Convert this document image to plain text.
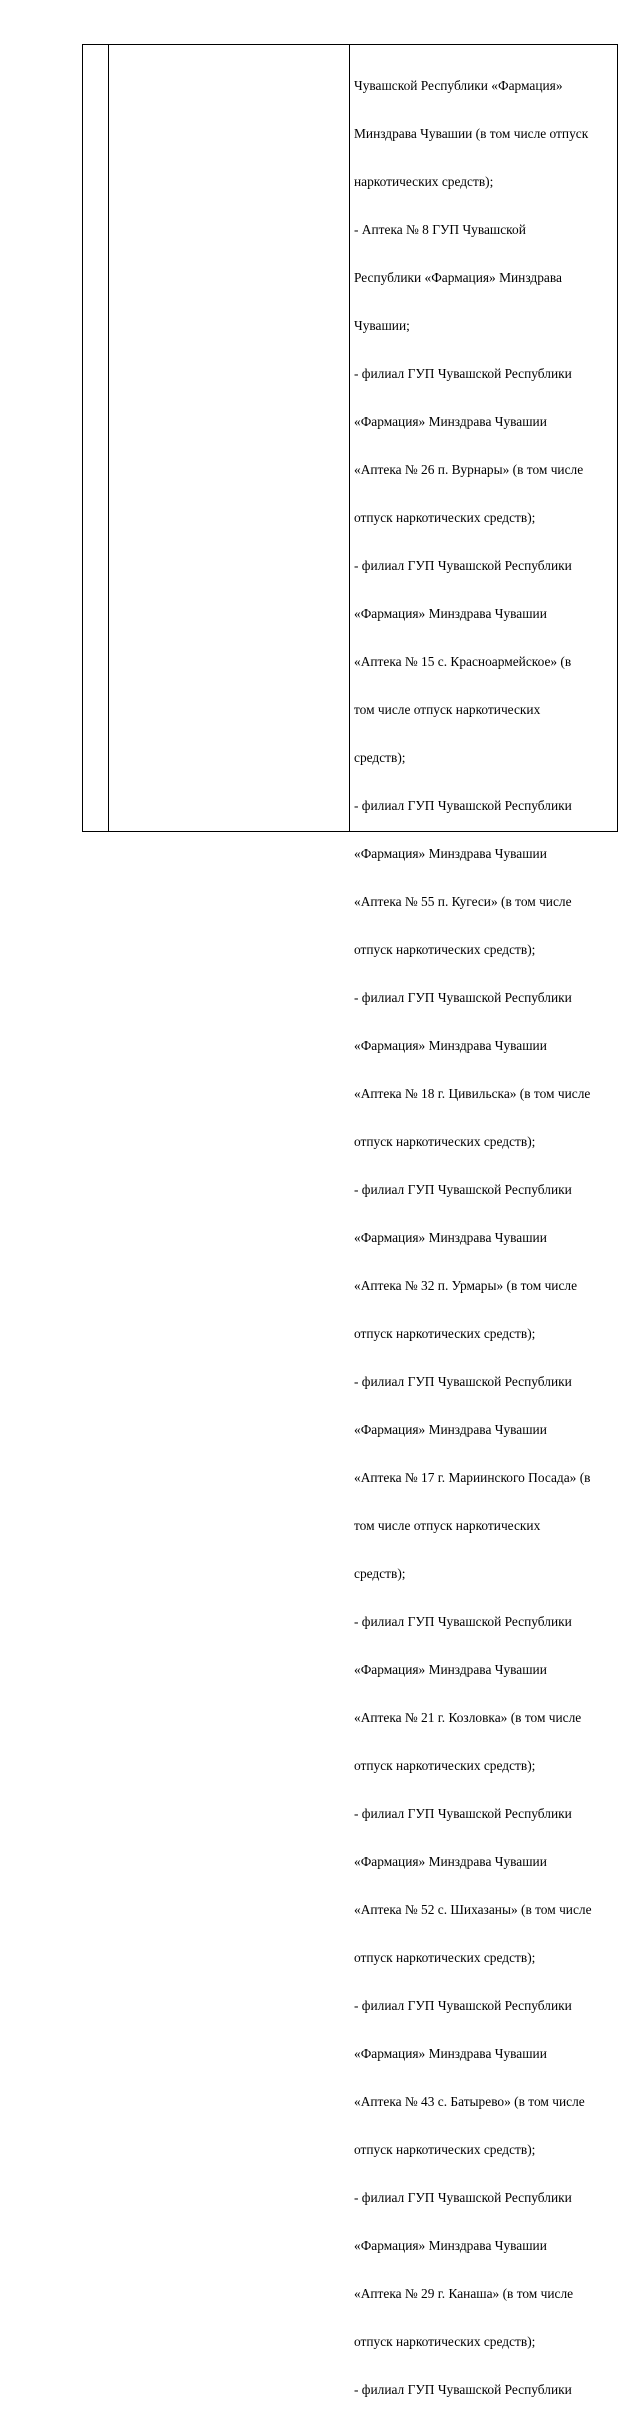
Чувашской Республики «Фармация»

Минздрава Чувашии (в том числе отпуск

наркотических средств);

- Аптека № 8 ГУП Чувашской

Республики «Фармация» Минздрава

Чувашии;

- филиал ГУП Чувашской Республики

«Фармация» Минздрава Чувашии

«Аптека № 26 п. Вурнары» (в том числе

отпуск наркотических средств);

- филиал ГУП Чувашской Республики

«Фармация» Минздрава Чувашии

«Аптека № 15 с. Красноармейское» (в

том числе отпуск наркотических

средств);

- филиал ГУП Чувашской Республики

«Фармация» Минздрава Чувашии

«Аптека № 55 п. Кугеси» (в том числе

отпуск наркотических средств);

- филиал ГУП Чувашской Республики

«Фармация» Минздрава Чувашии

«Аптека № 18 г. Цивильска» (в том числе

отпуск наркотических средств);

- филиал ГУП Чувашской Республики

«Фармация» Минздрава Чувашии

«Аптека № 32 п. Урмары» (в том числе

отпуск наркотических средств);

- филиал ГУП Чувашской Республики

«Фармация» Минздрава Чувашии

«Аптека № 17 г. Мариинского Посада» (в

том числе отпуск наркотических

средств);

- филиал ГУП Чувашской Республики

«Фармация» Минздрава Чувашии

«Аптека № 21 г. Козловка» (в том числе

отпуск наркотических средств);

- филиал ГУП Чувашской Республики

«Фармация» Минздрава Чувашии

«Аптека № 52 с. Шихазаны» (в том числе

отпуск наркотических средств);

- филиал ГУП Чувашской Республики

«Фармация» Минздрава Чувашии

«Аптека № 43 с. Батырево» (в том числе

отпуск наркотических средств);

- филиал ГУП Чувашской Республики

«Фармация» Минздрава Чувашии

«Аптека № 29 г. Канаша» (в том числе

отпуск наркотических средств);

- филиал ГУП Чувашской Республики
